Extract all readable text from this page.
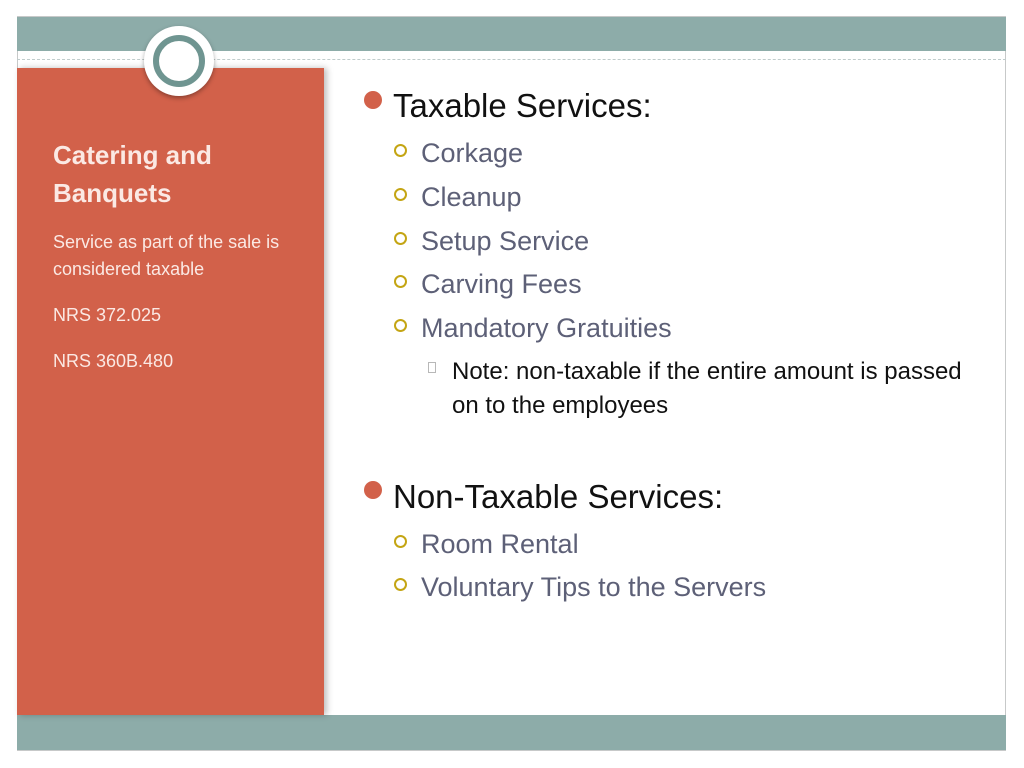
Catering and Banquets
Service as part of the sale is considered taxable
NRS 372.025
NRS 360B.480
Taxable Services:
Corkage
Cleanup
Setup Service
Carving Fees
Mandatory Gratuities
Note: non-taxable if the entire amount is passed on to the employees
Non-Taxable Services:
Room Rental
Voluntary Tips to the Servers
